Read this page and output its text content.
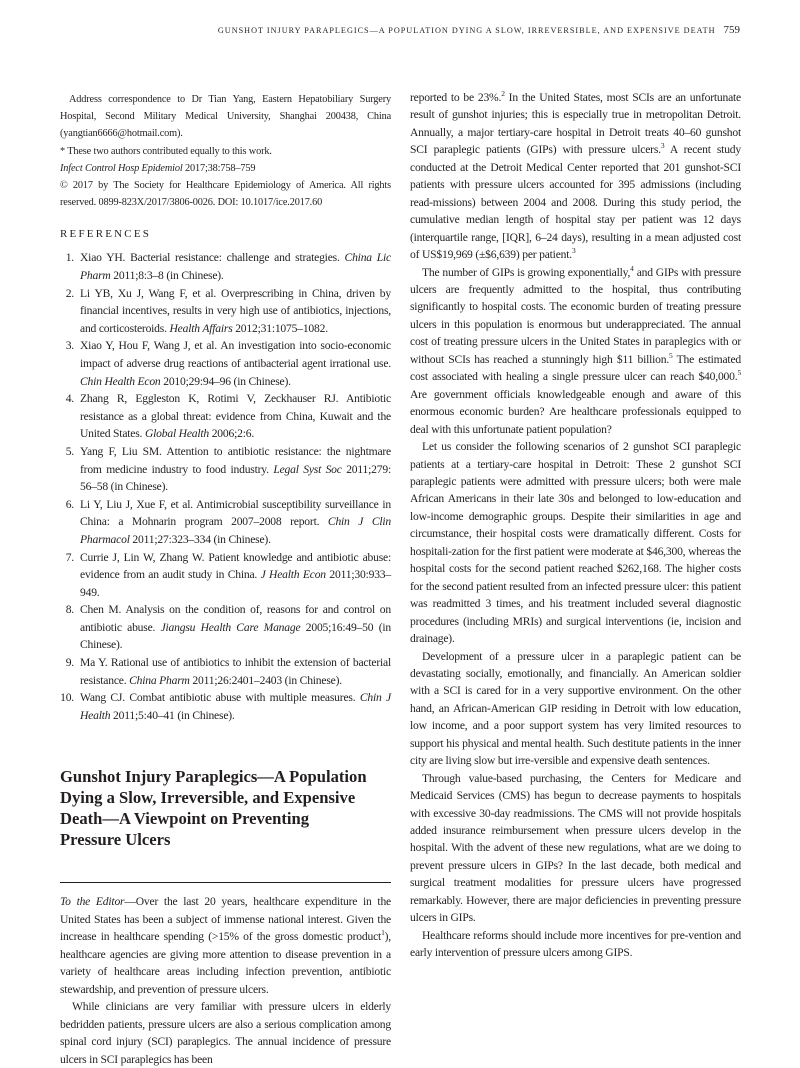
GUNSHOT INJURY PARAPLEGICS—A POPULATION DYING A SLOW, IRREVERSIBLE, AND EXPENSIVE DEATH 759

Address correspondence to Dr Tian Yang, Eastern Hepatobiliary Surgery Hospital, Second Military Medical University, Shanghai 200438, China (yangtian6666@hotmail.com).

* These two authors contributed equally to this work.

Infect Control Hosp Epidemiol 2017;38:758–759

© 2017 by The Society for Healthcare Epidemiology of America. All rights reserved. 0899-823X/2017/3806-0026. DOI: 10.1017/ice.2017.60

REFERENCES
1. Xiao YH. Bacterial resistance: challenge and strategies. China Lic Pharm 2011;8:3–8 (in Chinese).
2. Li YB, Xu J, Wang F, et al. Overprescribing in China, driven by financial incentives, results in very high use of antibiotics, injections, and corticosteroids. Health Affairs 2012;31:1075–1082.
3. Xiao Y, Hou F, Wang J, et al. An investigation into socio-economic impact of adverse drug reactions of antibacterial agent irrational use. Chin Health Econ 2010;29:94–96 (in Chinese).
4. Zhang R, Eggleston K, Rotimi V, Zeckhauser RJ. Antibiotic resistance as a global threat: evidence from China, Kuwait and the United States. Global Health 2006;2:6.
5. Yang F, Liu SM. Attention to antibiotic resistance: the nightmare from medicine industry to food industry. Legal Syst Soc 2011;279: 56–58 (in Chinese).
6. Li Y, Liu J, Xue F, et al. Antimicrobial susceptibility surveillance in China: a Mohnarin program 2007–2008 report. Chin J Clin Pharmacol 2011;27:323–334 (in Chinese).
7. Currie J, Lin W, Zhang W. Patient knowledge and antibiotic abuse: evidence from an audit study in China. J Health Econ 2011;30:933–949.
8. Chen M. Analysis on the condition of, reasons for and control on antibiotic abuse. Jiangsu Health Care Manage 2005;16:49–50 (in Chinese).
9. Ma Y. Rational use of antibiotics to inhibit the extension of bacterial resistance. China Pharm 2011;26:2401–2403 (in Chinese).
10. Wang CJ. Combat antibiotic abuse with multiple measures. Chin J Health 2011;5:40–41 (in Chinese).
Gunshot Injury Paraplegics—A Population
Dying a Slow, Irreversible, and Expensive
Death—A Viewpoint on Preventing
Pressure Ulcers

To the Editor—Over the last 20 years, healthcare expenditure in the United States has been a subject of immense national interest. Given the increase in healthcare spending (>15% of the gross domestic product$^1$), healthcare agencies are giving more attention to disease prevention in a variety of healthcare areas including infection prevention, antibiotic stewardship, and prevention of pressure ulcers.

While clinicians are very familiar with pressure ulcers in elderly bedridden patients, pressure ulcers are also a serious complication among spinal cord injury (SCI) paraplegics. The annual incidence of pressure ulcers in SCI paraplegics has been

reported to be 23%.$^2$ In the United States, most SCIs are an unfortunate result of gunshot injuries; this is especially true in metropolitan Detroit. Annually, a major tertiary-care hospital in Detroit treats 40–60 gunshot SCI paraplegic patients (GIPs) with pressure ulcers.$^3$ A recent study conducted at the Detroit Medical Center reported that 201 gunshot-SCI patients with pressure ulcers accounted for 395 admissions (including read-missions) between 2004 and 2008. During this study period, the cumulative median length of hospital stay per patient was 12 days (interquartile range, [IQR], 6–24 days), resulting in a mean adjusted cost of US$19,969 (±$6,639) per patient.$^3$

The number of GIPs is growing exponentially,$^4$ and GIPs with pressure ulcers are frequently admitted to the hospital, thus contributing significantly to hospital costs. The economic burden of treating pressure ulcers in this population is enormous but underappreciated. The annual cost of treating pressure ulcers in the United States in paraplegics with or without SCIs has reached a stunningly high $11 billion.$^5$ The estimated cost associated with healing a single pressure ulcer can reach $40,000.$^5$ Are government officials knowledgeable enough and aware of this enormous economic burden? Are healthcare professionals equipped to deal with this unfortunate patient population?

Let us consider the following scenarios of 2 gunshot SCI paraplegic patients at a tertiary-care hospital in Detroit: These 2 gunshot SCI paraplegic patients were admitted with pressure ulcers; both were male African Americans in their late 30s and belonged to low-education and low-income demographic groups. Despite their similarities in age and circumstance, their hospital costs were dramatically different. Costs for hospitali-zation for the first patient were moderate at $46,300, whereas the hospital costs for the second patient reached $262,168. The higher costs for the second patient resulted from an infected pressure ulcer: this patient was readmitted 3 times, and his treatment included several diagnostic procedures (including MRIs) and surgical interventions (ie, incision and drainage).

Development of a pressure ulcer in a paraplegic patient can be devastating socially, emotionally, and financially. An American soldier with a SCI is cared for in a very supportive environment. On the other hand, an African-American GIP residing in Detroit with low education, low income, and a poor support system has very limited resources to support his physical and mental health. Such destitute patients in the inner city are living slow but irre-versible and expensive death sentences.

Through value-based purchasing, the Centers for Medicare and Medicaid Services (CMS) has begun to decrease payments to hospitals with excessive 30-day readmissions. The CMS will not provide hospitals added insurance reimbursement when pressure ulcers develop in the hospital. With the advent of these new regulations, what are we doing to prevent pressure ulcers in GIPs? In the last decade, both medical and surgical treatment modalities for pressure ulcers have progressed remarkably. However, there are major deficiencies in preventing pressure ulcers in GIPs.

Healthcare reforms should include more incentives for pre-vention and early intervention of pressure ulcers among GIPS.
